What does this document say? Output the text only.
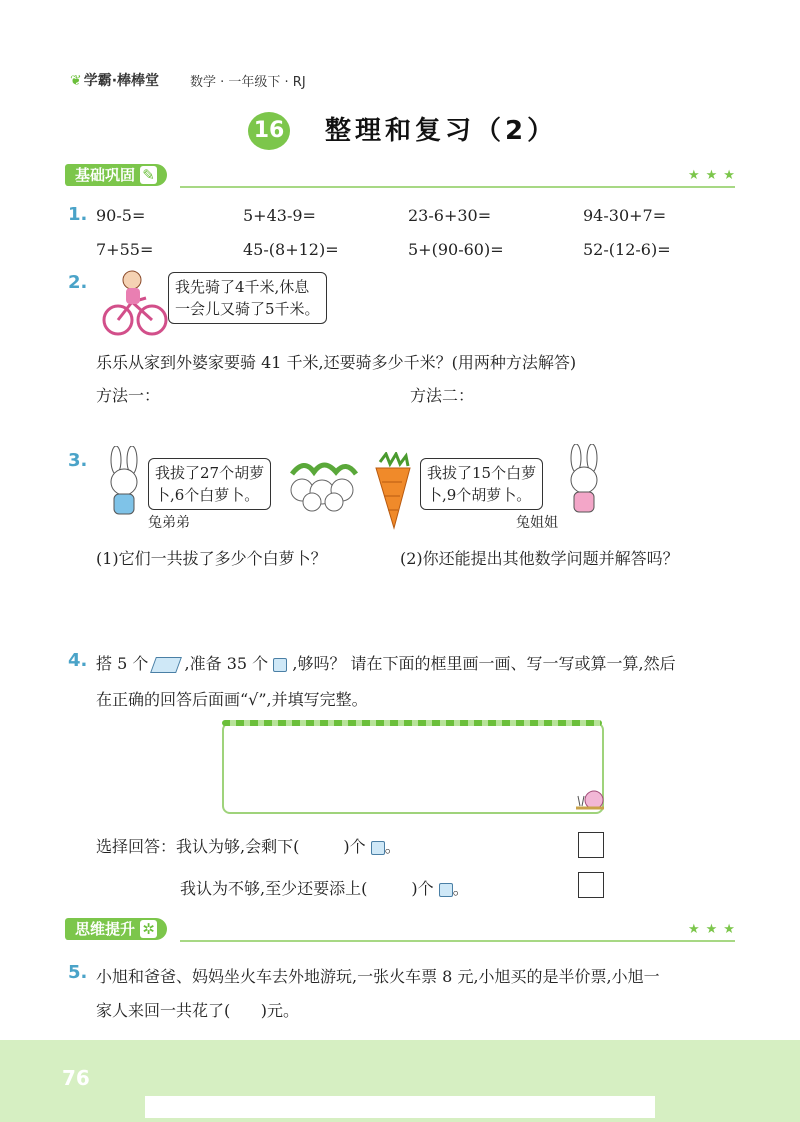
❦ 学霸·棒棒堂 数学 · 一年级下 · RJ
16 整理和复习（2）
基础巩固 ✎	★★★
1. 90-5=	5+43-9=	23-6+30=	94-30+7=
7+55=	45-(8+12)=	5+(90-60)=	52-(12-6)=
2.	我先骑了4千米,休息
一会儿又骑了5千米。
乐乐从家到外婆家要骑 41 千米,还要骑多少千米？(用两种方法解答)
方法一：	方法二：
3.
我拔了27个胡萝
卜,6个白萝卜。
兔弟弟
我拔了15个白萝
卜,9个胡萝卜。
兔姐姐
(1)它们一共拔了多少个白萝卜？	(2)你还能提出其他数学问题并解答吗？
4. 搭 5 个 ,准备 35 个 ,够吗？ 请在下面的框里画一画、写一写或算一算,然后
在正确的回答后面画“√”,并填写完整。
选择回答：我认为够,会剩下(	)个 。
我认为不够,至少还要添上(	)个 。
思维提升 ✲	★★★
5. 小旭和爸爸、妈妈坐火车去外地游玩,一张火车票 8 元,小旭买的是半价票,小旭一
家人来回一共花了(      )元。
76
